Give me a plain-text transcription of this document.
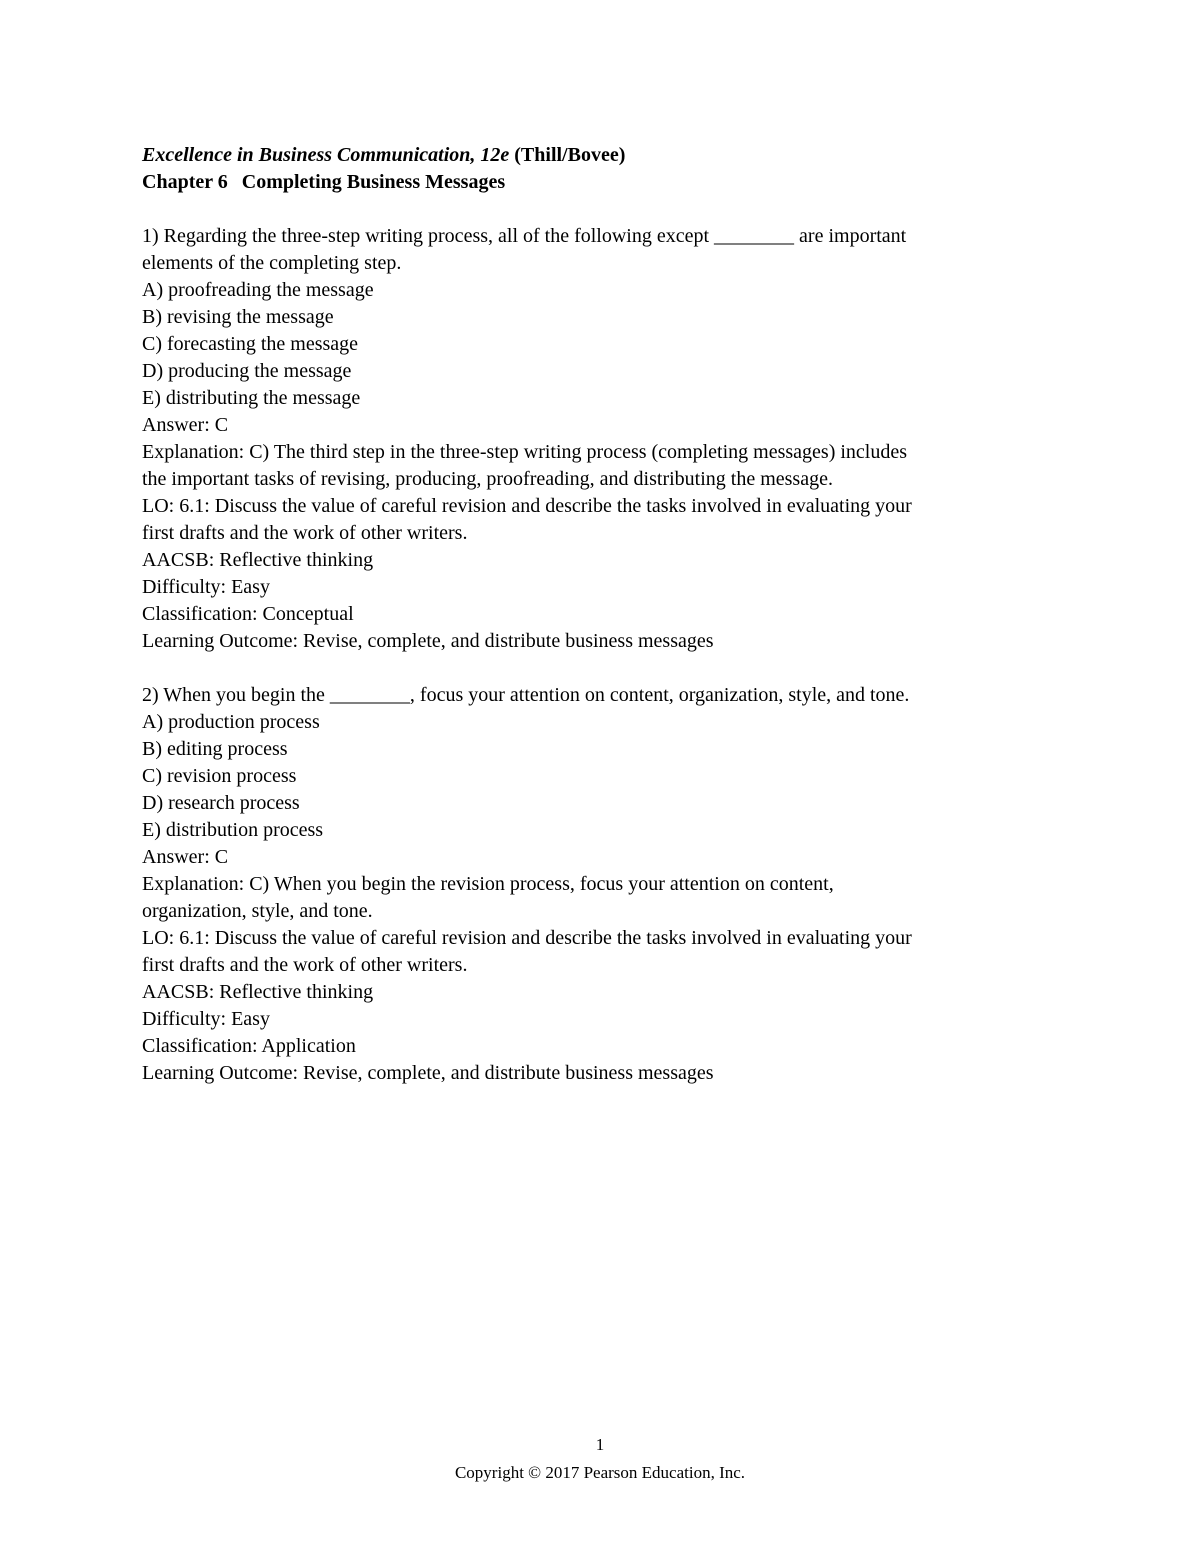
Excellence in Business Communication, 12e (Thill/Bovee)
Chapter 6 Completing Business Messages
1) Regarding the three-step writing process, all of the following except ________ are important
elements of the completing step.
A) proofreading the message
B) revising the message
C) forecasting the message
D) producing the message
E) distributing the message
Answer: C
Explanation: C) The third step in the three-step writing process (completing messages) includes
the important tasks of revising, producing, proofreading, and distributing the message.
LO: 6.1: Discuss the value of careful revision and describe the tasks involved in evaluating your
first drafts and the work of other writers.
AACSB: Reflective thinking
Difficulty: Easy
Classification: Conceptual
Learning Outcome: Revise, complete, and distribute business messages
2) When you begin the ________, focus your attention on content, organization, style, and tone.
A) production process
B) editing process
C) revision process
D) research process
E) distribution process
Answer: C
Explanation: C) When you begin the revision process, focus your attention on content,
organization, style, and tone.
LO: 6.1: Discuss the value of careful revision and describe the tasks involved in evaluating your
first drafts and the work of other writers.
AACSB: Reflective thinking
Difficulty: Easy
Classification: Application
Learning Outcome: Revise, complete, and distribute business messages
1
Copyright © 2017 Pearson Education, Inc.
